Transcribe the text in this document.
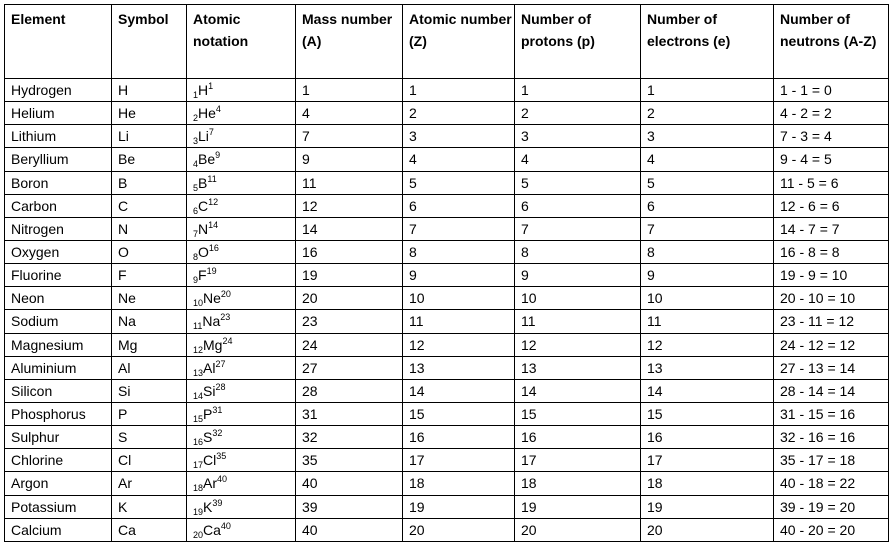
Element	Symbol	Atomic notation	Mass number (A)	Atomic number (Z)	Number of protons (p)	Number of electrons (e)	Number of neutrons (A-Z)
Hydrogen	H	$_1H^1$	1	1	1	1	1 - 1 = 0
Helium	He	$_2He^4$	4	2	2	2	4 - 2 = 2
Lithium	Li	$_3Li^7$	7	3	3	3	7 - 3 = 4
Beryllium	Be	$_4Be^9$	9	4	4	4	9 - 4 = 5
Boron	B	$_5B^{11}$	11	5	5	5	11 - 5 = 6
Carbon	C	$_6C^{12}$	12	6	6	6	12 - 6 = 6
Nitrogen	N	$_7N^{14}$	14	7	7	7	14 - 7 = 7
Oxygen	O	$_8O^{16}$	16	8	8	8	16 - 8 = 8
Fluorine	F	$_9F^{19}$	19	9	9	9	19 - 9 = 10
Neon	Ne	$_{10}Ne^{20}$	20	10	10	10	20 - 10 = 10
Sodium	Na	$_{11}Na^{23}$	23	11	11	11	23 - 11 = 12
Magnesium	Mg	$_{12}Mg^{24}$	24	12	12	12	24 - 12 = 12
Aluminium	Al	$_{13}Al^{27}$	27	13	13	13	27 - 13 = 14
Silicon	Si	$_{14}Si^{28}$	28	14	14	14	28 - 14 = 14
Phosphorus	P	$_{15}P^{31}$	31	15	15	15	31 - 15 = 16
Sulphur	S	$_{16}S^{32}$	32	16	16	16	32 - 16 = 16
Chlorine	Cl	$_{17}Cl^{35}$	35	17	17	17	35 - 17 = 18
Argon	Ar	$_{18}Ar^{40}$	40	18	18	18	40 - 18 = 22
Potassium	K	$_{19}K^{39}$	39	19	19	19	39 - 19 = 20
Calcium	Ca	$_{20}Ca^{40}$	40	20	20	20	40 - 20 = 20
